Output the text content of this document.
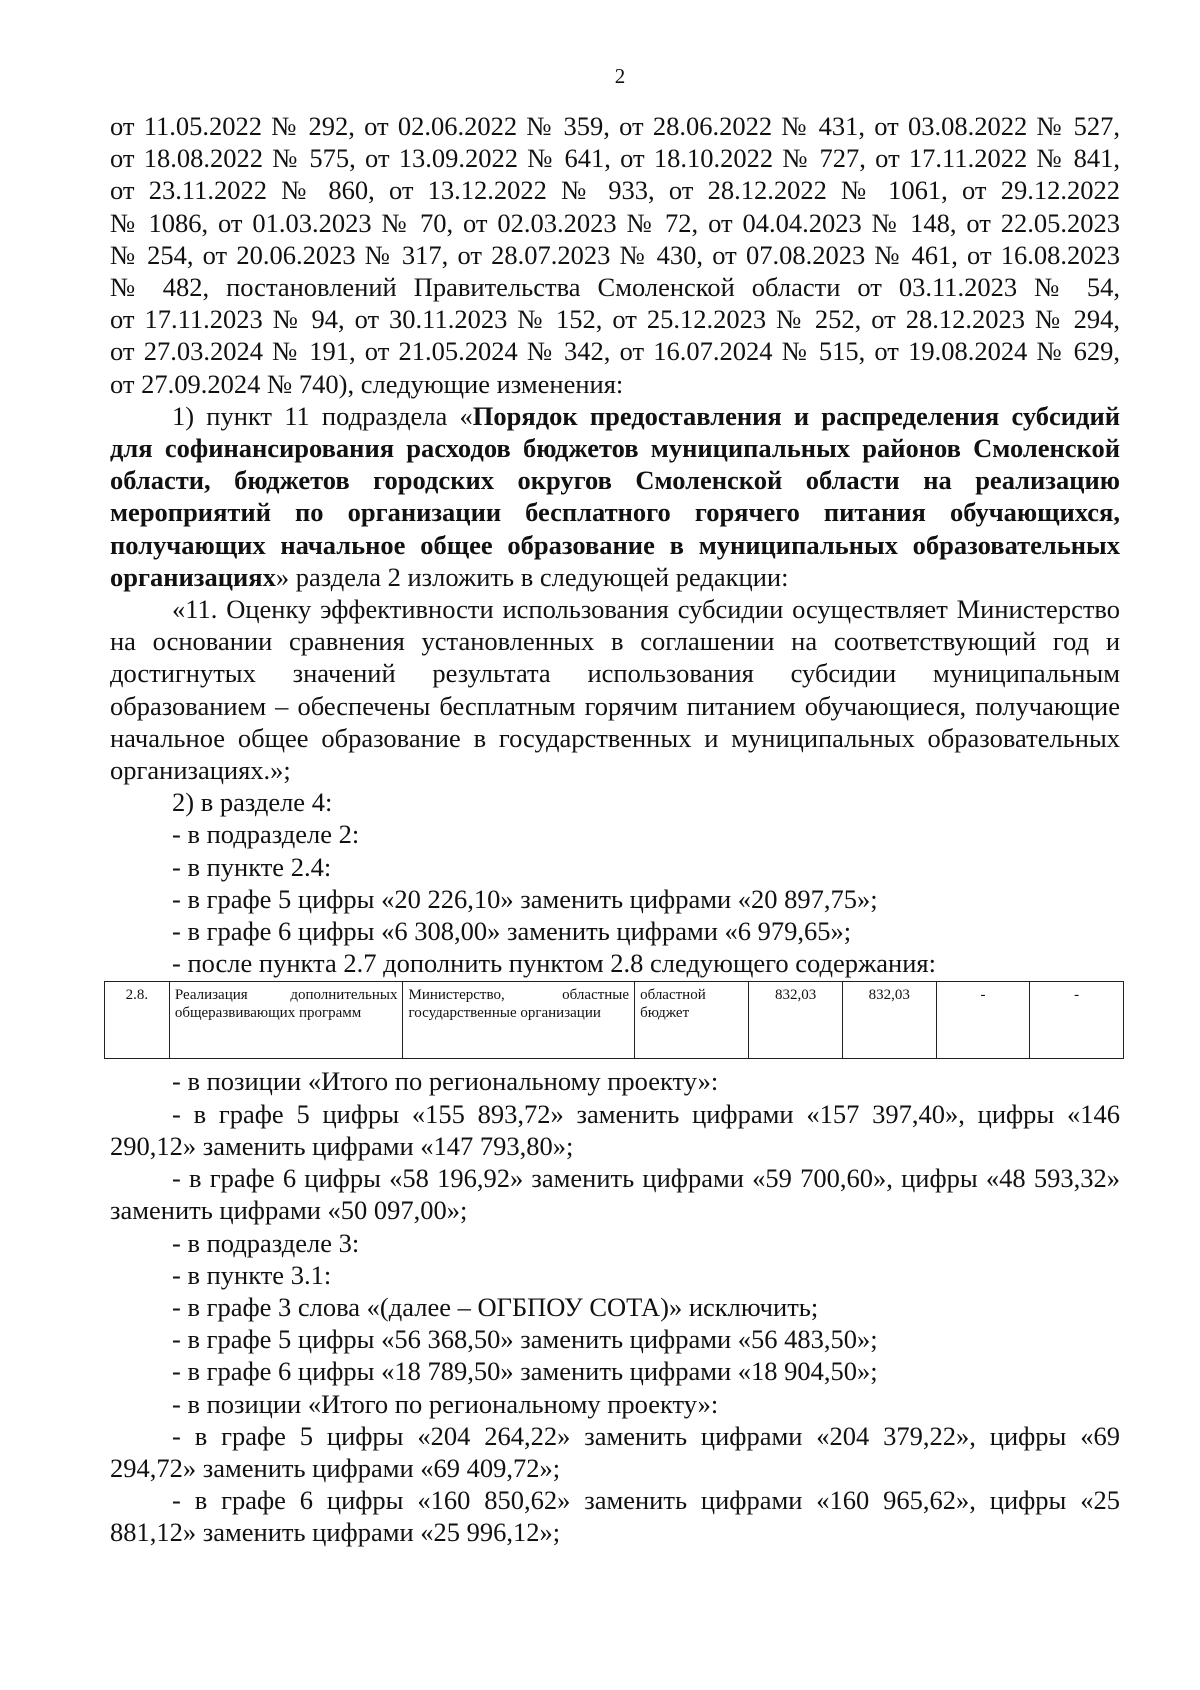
2

от 11.05.2022 № 292, от 02.06.2022 № 359, от 28.06.2022 № 431, от 03.08.2022 № 527,

от 18.08.2022 № 575, от 13.09.2022 № 641, от 18.10.2022 № 727, от 17.11.2022 № 841,

от 23.11.2022 № 860, от 13.12.2022 № 933, от 28.12.2022 № 1061, от 29.12.2022

№ 1086, от 01.03.2023 № 70, от 02.03.2023 № 72, от 04.04.2023 № 148, от 22.05.2023

№ 254, от 20.06.2023 № 317, от 28.07.2023 № 430, от 07.08.2023 № 461, от 16.08.2023

№ 482, постановлений Правительства Смоленской области от 03.11.2023 № 54,

от 17.11.2023 № 94, от 30.11.2023 № 152, от 25.12.2023 № 252, от 28.12.2023 № 294,

от 27.03.2024 № 191, от 21.05.2024 № 342, от 16.07.2024 № 515, от 19.08.2024 № 629,

от 27.09.2024 № 740), следующие изменения:

1) пункт 11 подраздела «Порядок предоставления и распределения субсидий для софинансирования расходов бюджетов муниципальных районов Смоленской области, бюджетов городских округов Смоленской области на реализацию мероприятий по организации бесплатного горячего питания обучающихся, получающих начальное общее образование в муниципальных образовательных организациях» раздела 2 изложить в следующей редакции:

«11. Оценку эффективности использования субсидии осуществляет Министерство на основании сравнения установленных в соглашении на соответствующий год и достигнутых значений результата использования субсидии муниципальным образованием – обеспечены бесплатным горячим питанием обучающиеся, получающие начальное общее образование в государственных и муниципальных образовательных организациях.»;

2) в разделе 4:

- в подразделе 2:

- в пункте 2.4:

- в графе 5 цифры «20 226,10» заменить цифрами «20 897,75»;

- в графе 6 цифры «6 308,00» заменить цифрами «6 979,65»;

- после пункта 2.7 дополнить пунктом 2.8 следующего содержания:

2.8.	Реализация дополнительных общеразвивающих программ	Министерство, областные государственные организации	областной бюджет	832,03	832,03	-	-

- в позиции «Итого по региональному проекту»:

- в графе 5 цифры «155 893,72» заменить цифрами «157 397,40», цифры «146 290,12» заменить цифрами «147 793,80»;

- в графе 6 цифры «58 196,92» заменить цифрами «59 700,60», цифры «48 593,32» заменить цифрами «50 097,00»;

- в подразделе 3:

- в пункте 3.1:

- в графе 3 слова «(далее – ОГБПОУ СОТА)» исключить;

- в графе 5 цифры «56 368,50» заменить цифрами «56 483,50»;

- в графе 6 цифры «18 789,50» заменить цифрами «18 904,50»;

- в позиции «Итого по региональному проекту»:

- в графе 5 цифры «204 264,22» заменить цифрами «204 379,22», цифры «69 294,72» заменить цифрами «69 409,72»;

- в графе 6 цифры «160 850,62» заменить цифрами «160 965,62», цифры «25 881,12» заменить цифрами «25 996,12»;
